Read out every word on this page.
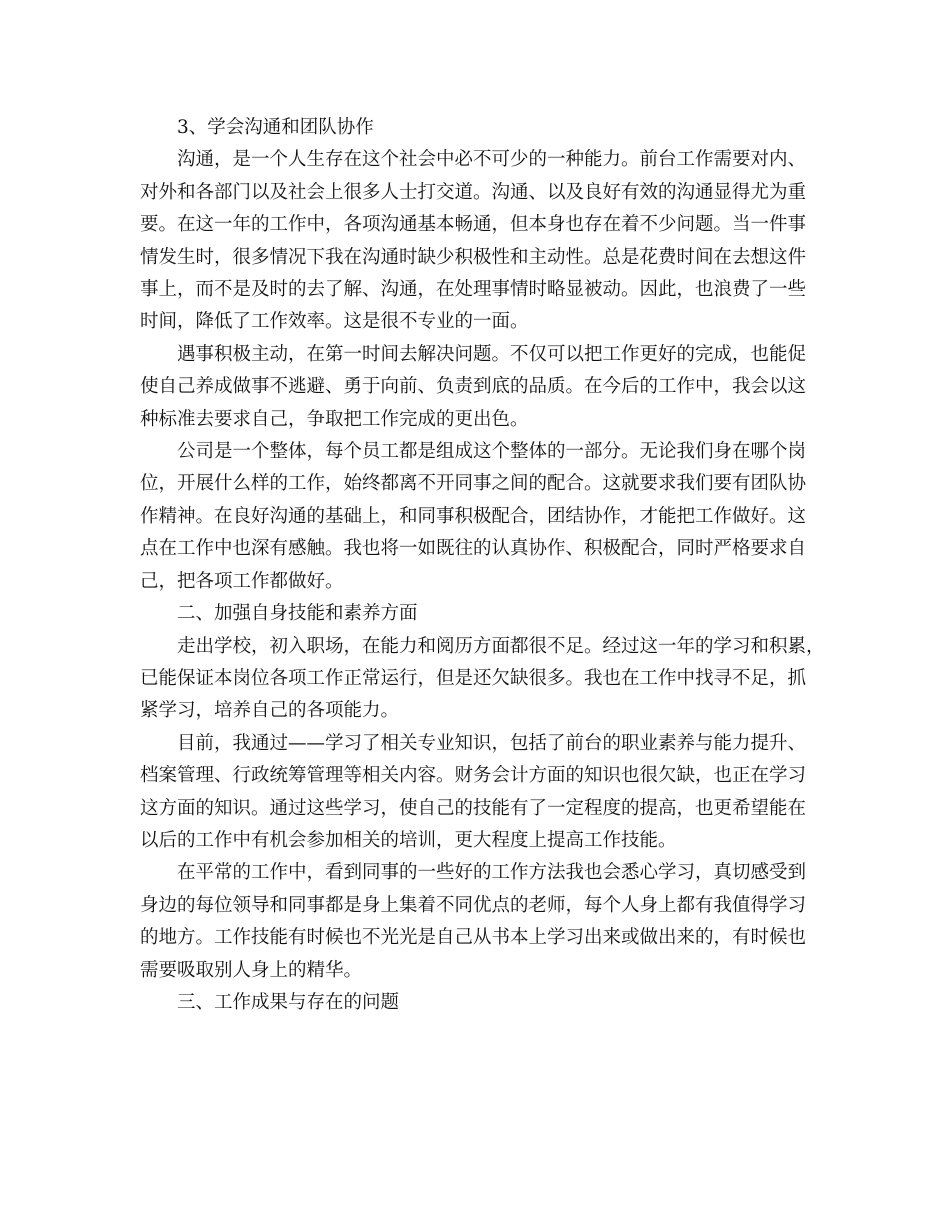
3、学会沟通和团队协作

沟通，是一个人生存在这个社会中必不可少的一种能力。前台工作需要对内、

对外和各部门以及社会上很多人士打交道。沟通、以及良好有效的沟通显得尤为重

要。在这一年的工作中，各项沟通基本畅通，但本身也存在着不少问题。当一件事

情发生时，很多情况下我在沟通时缺少积极性和主动性。总是花费时间在去想这件

事上，而不是及时的去了解、沟通，在处理事情时略显被动。因此，也浪费了一些

时间，降低了工作效率。这是很不专业的一面。

遇事积极主动，在第一时间去解决问题。不仅可以把工作更好的完成，也能促

使自己养成做事不逃避、勇于向前、负责到底的品质。在今后的工作中，我会以这

种标准去要求自己，争取把工作完成的更出色。

公司是一个整体，每个员工都是组成这个整体的一部分。无论我们身在哪个岗

位，开展什么样的工作，始终都离不开同事之间的配合。这就要求我们要有团队协

作精神。在良好沟通的基础上，和同事积极配合，团结协作，才能把工作做好。这

点在工作中也深有感触。我也将一如既往的认真协作、积极配合，同时严格要求自

己，把各项工作都做好。

二、加强自身技能和素养方面

走出学校，初入职场，在能力和阅历方面都很不足。经过这一年的学习和积累，

已能保证本岗位各项工作正常运行，但是还欠缺很多。我也在工作中找寻不足，抓

紧学习，培养自己的各项能力。

目前，我通过——学习了相关专业知识，包括了前台的职业素养与能力提升、

档案管理、行政统筹管理等相关内容。财务会计方面的知识也很欠缺，也正在学习

这方面的知识。通过这些学习，使自己的技能有了一定程度的提高，也更希望能在

以后的工作中有机会参加相关的培训，更大程度上提高工作技能。

在平常的工作中，看到同事的一些好的工作方法我也会悉心学习，真切感受到

身边的每位领导和同事都是身上集着不同优点的老师，每个人身上都有我值得学习

的地方。工作技能有时候也不光光是自己从书本上学习出来或做出来的，有时候也

需要吸取别人身上的精华。

三、工作成果与存在的问题
